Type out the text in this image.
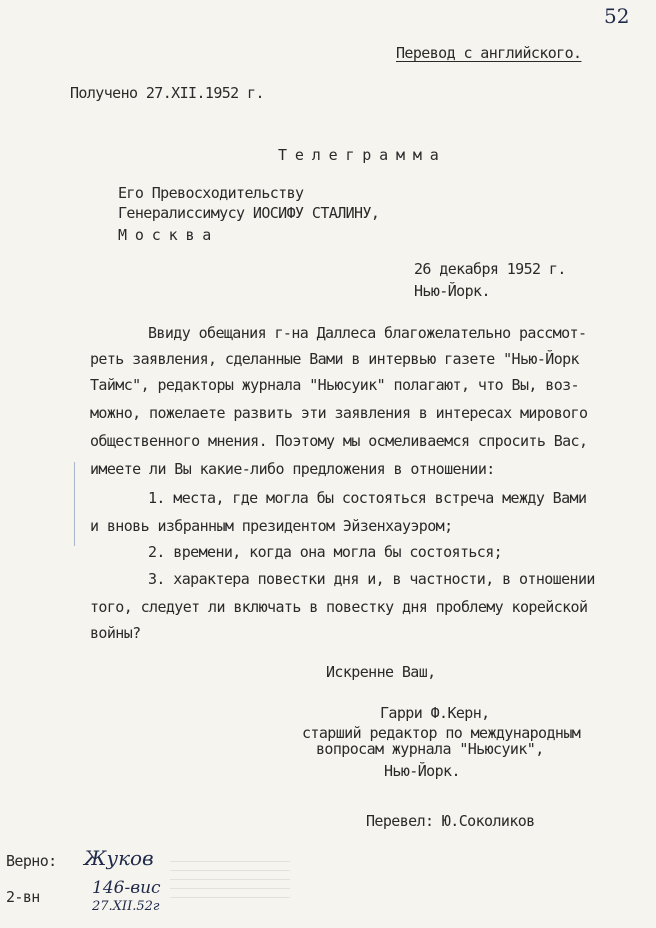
52
Перевод с английского.
Получено 27.XII.1952 г.
Т е л е г р а м м а
Его Превосходительству
Генералиссимусу ИОСИФУ СТАЛИНУ,
М о с к в а
26 декабря 1952 г.
Нью-Йорк.
Ввиду обещания г-на Даллеса благожелательно рассмот-
реть заявления, сделанные Вами в интервью газете "Нью-Йорк
Таймс", редакторы журнала "Ньюсуик" полагают, что Вы, воз-
можно, пожелаете развить эти заявления в интересах мирового
общественного мнения. Поэтому мы осмеливаемся спросить Вас,
имеете ли Вы какие-либо предложения в отношении:
1. места, где могла бы состояться встреча между Вами
и вновь избранным президентом Эйзенхауэром;
2. времени, когда она могла бы состояться;
3. характера повестки дня и, в частности, в отношении
того, следует ли включать в повестку дня проблему корейской
войны?
Искренне Ваш,
Гарри Ф.Керн,
старший редактор по международным
вопросам журнала "Ньюсуик",
Нью-Йорк.
Перевел: Ю.Соколиков
Верно: Жуков
2-вн	146-вис
27.XII.52г
